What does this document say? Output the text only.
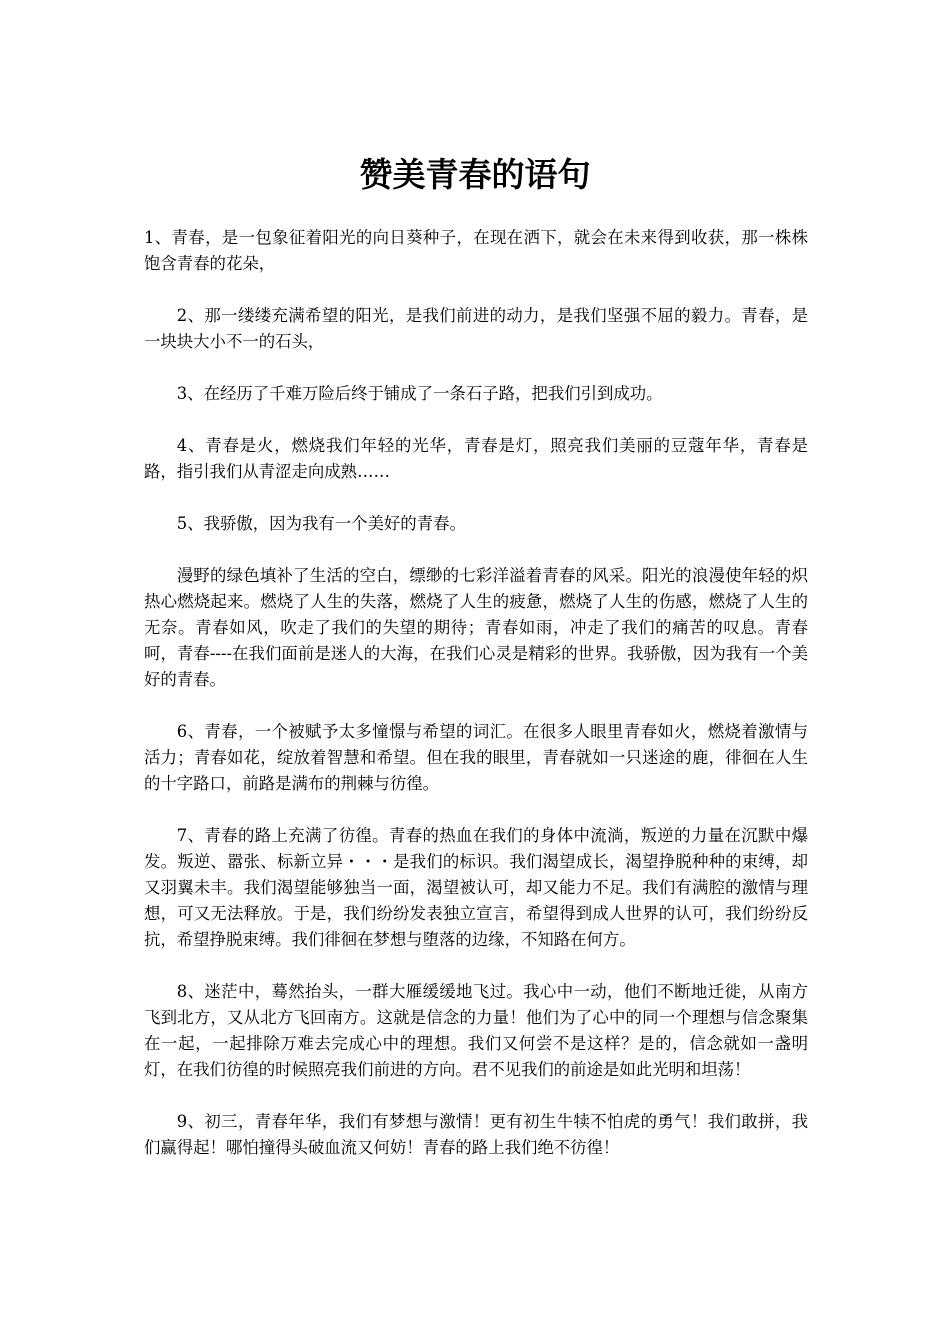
赞美青春的语句

1、青春，是一包象征着阳光的向日葵种子，在现在洒下，就会在未来得到收获，那一株株饱含青春的花朵，

2、那一缕缕充满希望的阳光，是我们前进的动力，是我们坚强不屈的毅力。青春，是一块块大小不一的石头，

3、在经历了千难万险后终于铺成了一条石子路，把我们引到成功。

4、青春是火，燃烧我们年轻的光华，青春是灯，照亮我们美丽的豆蔻年华，青春是路，指引我们从青涩走向成熟……

5、我骄傲，因为我有一个美好的青春。

漫野的绿色填补了生活的空白，缥缈的七彩洋溢着青春的风采。阳光的浪漫使年轻的炽热心燃烧起来。燃烧了人生的失落，燃烧了人生的疲惫，燃烧了人生的伤感，燃烧了人生的无奈。青春如风，吹走了我们的失望的期待；青春如雨，冲走了我们的痛苦的叹息。青春呵，青春----在我们面前是迷人的大海，在我们心灵是精彩的世界。我骄傲，因为我有一个美好的青春。

6、青春，一个被赋予太多憧憬与希望的词汇。在很多人眼里青春如火，燃烧着激情与活力；青春如花，绽放着智慧和希望。但在我的眼里，青春就如一只迷途的鹿，徘徊在人生的十字路口，前路是满布的荆棘与彷徨。

7、青春的路上充满了彷徨。青春的热血在我们的身体中流淌，叛逆的力量在沉默中爆发。叛逆、嚣张、标新立异・・・是我们的标识。我们渴望成长，渴望挣脱种种的束缚，却又羽翼未丰。我们渴望能够独当一面，渴望被认可，却又能力不足。我们有满腔的激情与理想，可又无法释放。于是，我们纷纷发表独立宣言，希望得到成人世界的认可，我们纷纷反抗，希望挣脱束缚。我们徘徊在梦想与堕落的边缘，不知路在何方。

8、迷茫中，蓦然抬头，一群大雁缓缓地飞过。我心中一动，他们不断地迁徙，从南方飞到北方，又从北方飞回南方。这就是信念的力量！他们为了心中的同一个理想与信念聚集在一起，一起排除万难去完成心中的理想。我们又何尝不是这样？是的，信念就如一盏明灯，在我们彷徨的时候照亮我们前进的方向。君不见我们的前途是如此光明和坦荡！

9、初三，青春年华，我们有梦想与激情！更有初生牛犊不怕虎的勇气！我们敢拼，我们赢得起！哪怕撞得头破血流又何妨！青春的路上我们绝不彷徨！
